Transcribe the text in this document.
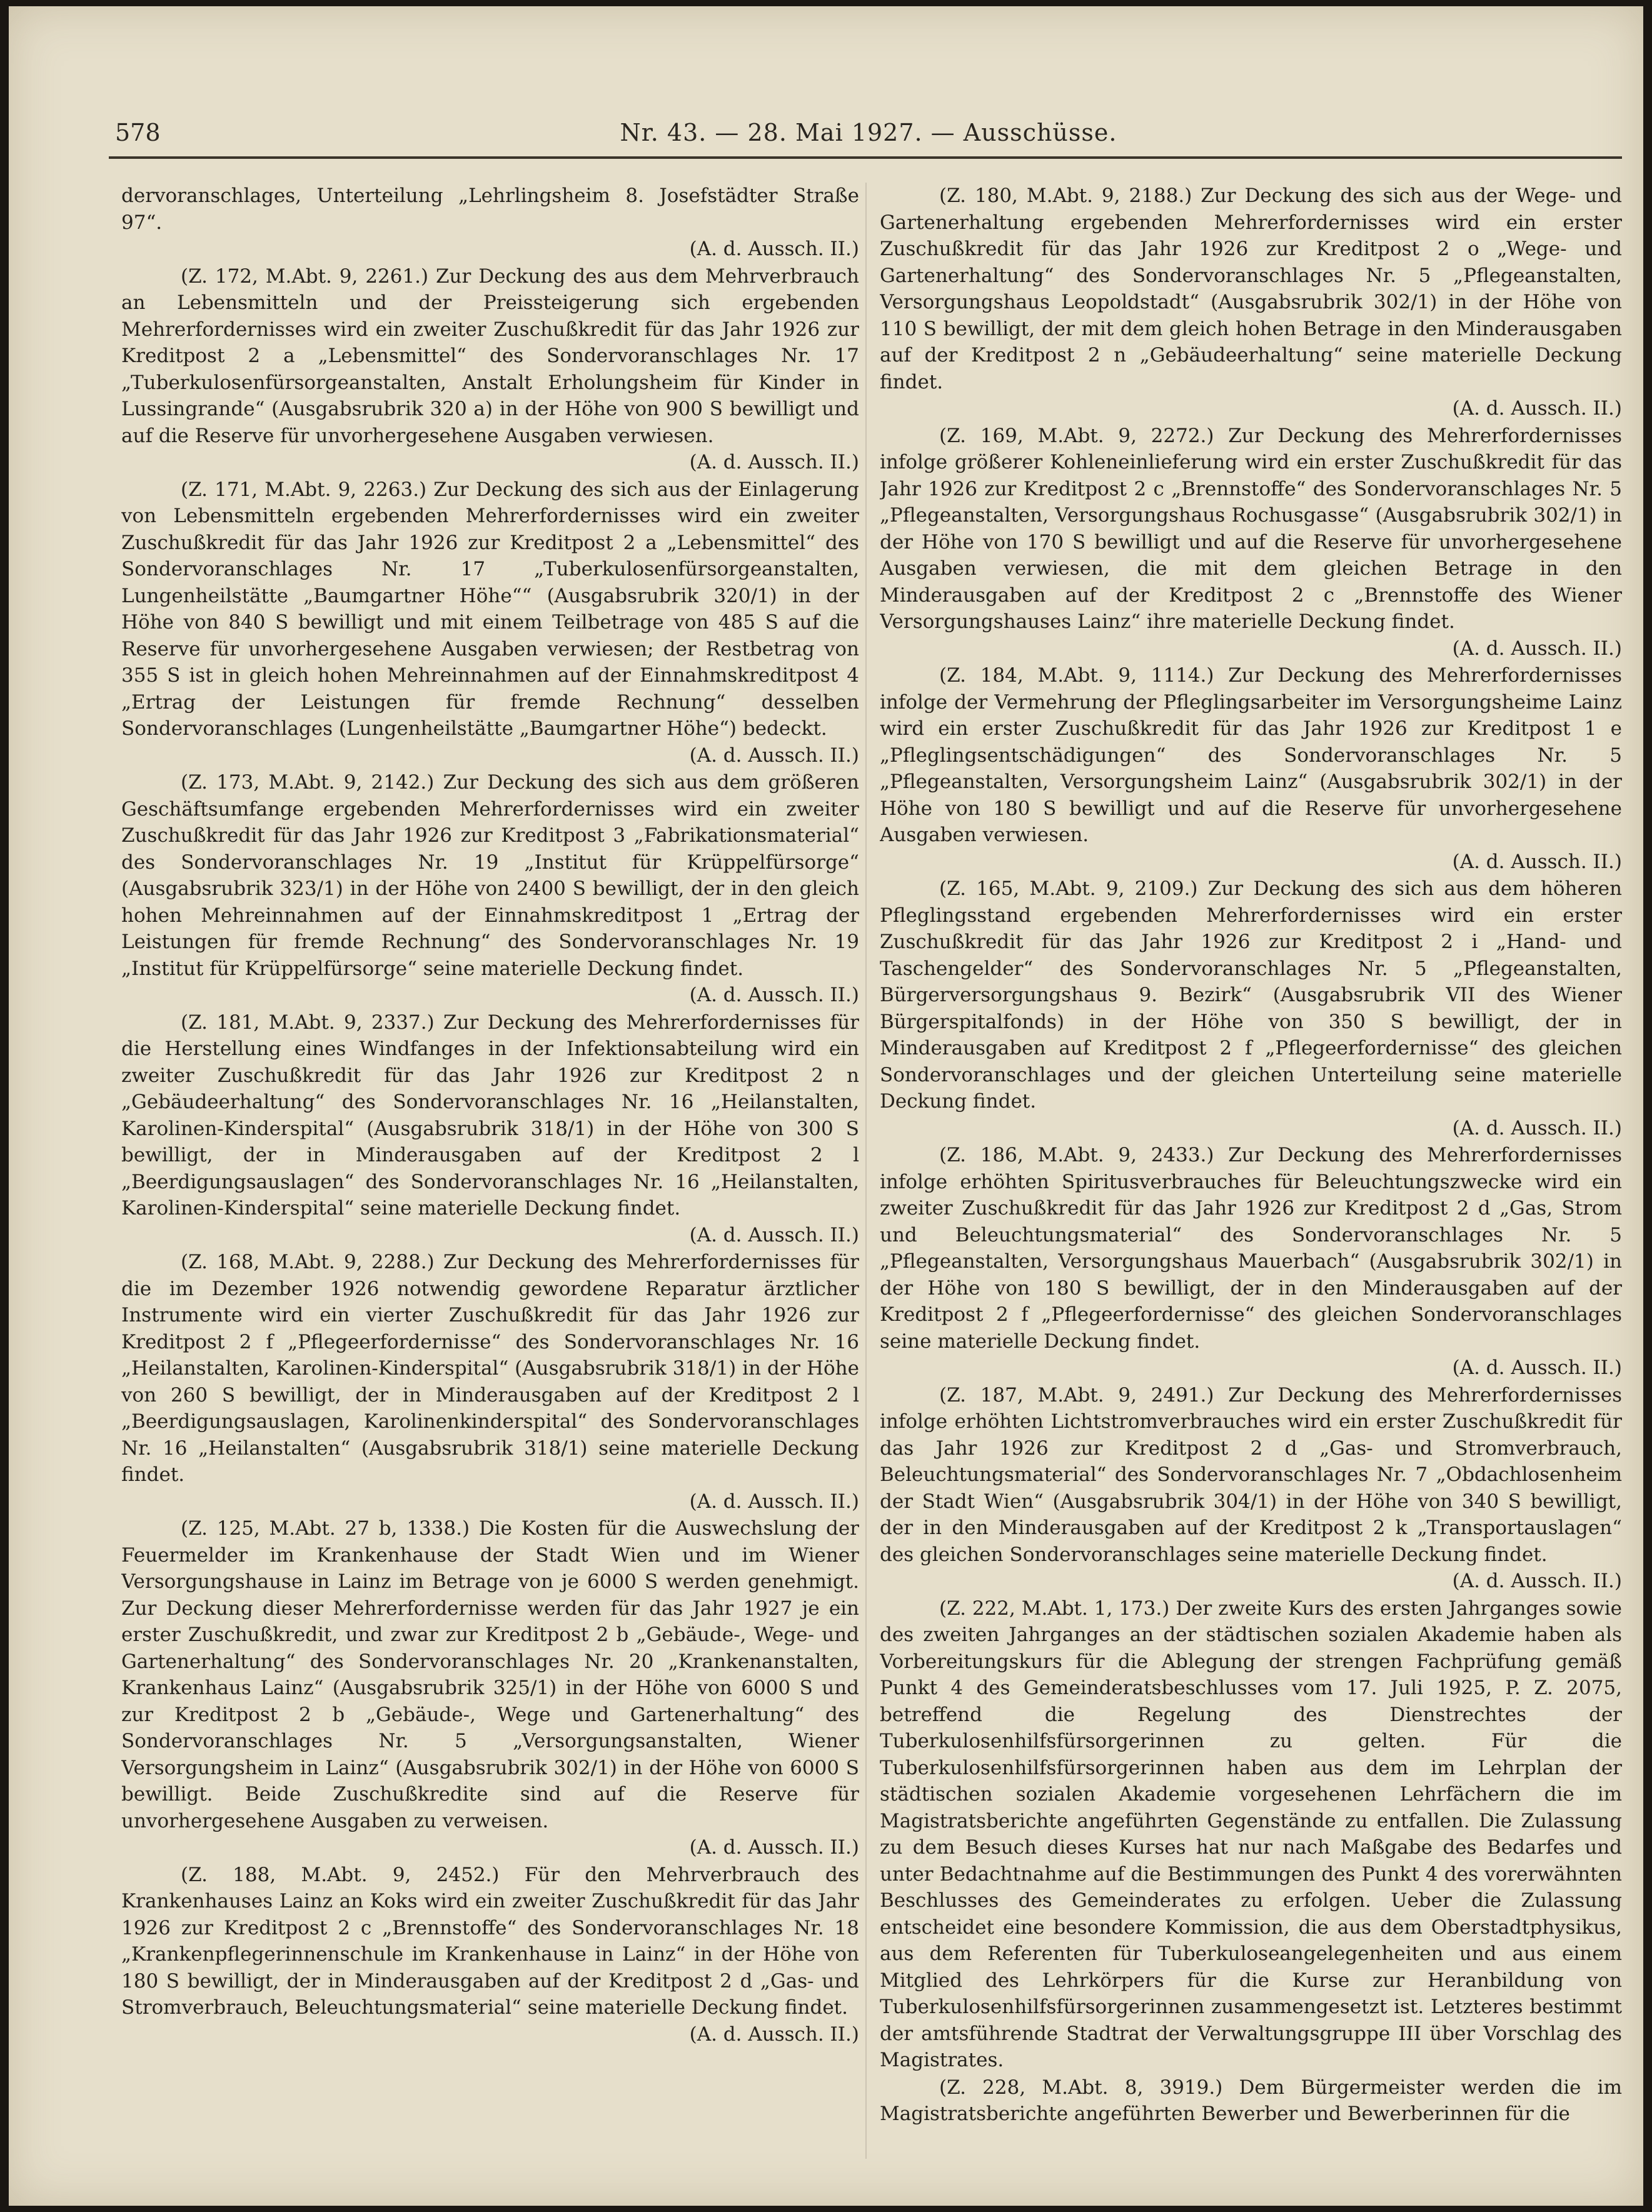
578	Nr. 43. — 28. Mai 1927. — Ausschüsse.

dervoranschlages, Unterteilung „Lehrlingsheim 8. Josefstädter Straße 97“.
(A. d. Aussch. II.)

(Z. 172, M.Abt. 9, 2261.) Zur Deckung des aus dem Mehrverbrauch an Lebensmitteln und der Preissteigerung sich ergebenden Mehrerfordernisses wird ein zweiter Zuschußkredit für das Jahr 1926 zur Kreditpost 2 a „Lebensmittel“ des Sondervoranschlages Nr. 17 „Tuberkulosenfürsorgeanstalten, Anstalt Erholungsheim für Kinder in Lussingrande“ (Ausgabsrubrik 320 a) in der Höhe von 900 S bewilligt und auf die Reserve für unvorhergesehene Ausgaben verwiesen.
(A. d. Aussch. II.)

(Z. 171, M.Abt. 9, 2263.) Zur Deckung des sich aus der Einlagerung von Lebensmitteln ergebenden Mehrerfordernisses wird ein zweiter Zuschußkredit für das Jahr 1926 zur Kreditpost 2 a „Lebensmittel“ des Sondervoranschlages Nr. 17 „Tuberkulosenfürsorgeanstalten, Lungenheilstätte „Baumgartner Höhe““ (Ausgabsrubrik 320/1) in der Höhe von 840 S bewilligt und mit einem Teilbetrage von 485 S auf die Reserve für unvorhergesehene Ausgaben verwiesen; der Restbetrag von 355 S ist in gleich hohen Mehreinnahmen auf der Einnahmskreditpost 4 „Ertrag der Leistungen für fremde Rechnung“ desselben Sondervoranschlages (Lungenheilstätte „Baumgartner Höhe“) bedeckt.
(A. d. Aussch. II.)

(Z. 173, M.Abt. 9, 2142.) Zur Deckung des sich aus dem größeren Geschäftsumfange ergebenden Mehrerfordernisses wird ein zweiter Zuschußkredit für das Jahr 1926 zur Kreditpost 3 „Fabrikationsmaterial“ des Sondervoranschlages Nr. 19 „Institut für Krüppelfürsorge“ (Ausgabsrubrik 323/1) in der Höhe von 2400 S bewilligt, der in den gleich hohen Mehreinnahmen auf der Einnahmskreditpost 1 „Ertrag der Leistungen für fremde Rechnung“ des Sondervoranschlages Nr. 19 „Institut für Krüppelfürsorge“ seine materielle Deckung findet.
(A. d. Aussch. II.)

(Z. 181, M.Abt. 9, 2337.) Zur Deckung des Mehrerfordernisses für die Herstellung eines Windfanges in der Infektionsabteilung wird ein zweiter Zuschußkredit für das Jahr 1926 zur Kreditpost 2 n „Gebäudeerhaltung“ des Sondervoranschlages Nr. 16 „Heilanstalten, Karolinen-Kinderspital“ (Ausgabsrubrik 318/1) in der Höhe von 300 S bewilligt, der in Minderausgaben auf der Kreditpost 2 l „Beerdigungsauslagen“ des Sondervoranschlages Nr. 16 „Heilanstalten, Karolinen-Kinderspital“ seine materielle Deckung findet.
(A. d. Aussch. II.)

(Z. 168, M.Abt. 9, 2288.) Zur Deckung des Mehrerfordernisses für die im Dezember 1926 notwendig gewordene Reparatur ärztlicher Instrumente wird ein vierter Zuschußkredit für das Jahr 1926 zur Kreditpost 2 f „Pflegeerfordernisse“ des Sondervoranschlages Nr. 16 „Heilanstalten, Karolinen-Kinderspital“ (Ausgabsrubrik 318/1) in der Höhe von 260 S bewilligt, der in Minderausgaben auf der Kreditpost 2 l „Beerdigungsauslagen, Karolinenkinderspital“ des Sondervoranschlages Nr. 16 „Heilanstalten“ (Ausgabsrubrik 318/1) seine materielle Deckung findet.
(A. d. Aussch. II.)

(Z. 125, M.Abt. 27 b, 1338.) Die Kosten für die Auswechslung der Feuermelder im Krankenhause der Stadt Wien und im Wiener Versorgungshause in Lainz im Betrage von je 6000 S werden genehmigt. Zur Deckung dieser Mehrerfordernisse werden für das Jahr 1927 je ein erster Zuschußkredit, und zwar zur Kreditpost 2 b „Gebäude-, Wege- und Gartenerhaltung“ des Sondervoranschlages Nr. 20 „Krankenanstalten, Krankenhaus Lainz“ (Ausgabsrubrik 325/1) in der Höhe von 6000 S und zur Kreditpost 2 b „Gebäude-, Wege und Gartenerhaltung“ des Sondervoranschlages Nr. 5 „Versorgungsanstalten, Wiener Versorgungsheim in Lainz“ (Ausgabsrubrik 302/1) in der Höhe von 6000 S bewilligt. Beide Zuschußkredite sind auf die Reserve für unvorhergesehene Ausgaben zu verweisen.
(A. d. Aussch. II.)

(Z. 188, M.Abt. 9, 2452.) Für den Mehrverbrauch des Krankenhauses Lainz an Koks wird ein zweiter Zuschußkredit für das Jahr 1926 zur Kreditpost 2 c „Brennstoffe“ des Sondervoranschlages Nr. 18 „Krankenpflegerinnenschule im Krankenhause in Lainz“ in der Höhe von 180 S bewilligt, der in Minderausgaben auf der Kreditpost 2 d „Gas- und Stromverbrauch, Beleuchtungsmaterial“ seine materielle Deckung findet.
(A. d. Aussch. II.)

(Z. 180, M.Abt. 9, 2188.) Zur Deckung des sich aus der Wege- und Gartenerhaltung ergebenden Mehrerfordernisses wird ein erster Zuschußkredit für das Jahr 1926 zur Kreditpost 2 o „Wege- und Gartenerhaltung“ des Sondervoranschlages Nr. 5 „Pflegeanstalten, Versorgungshaus Leopoldstadt“ (Ausgabsrubrik 302/1) in der Höhe von 110 S bewilligt, der mit dem gleich hohen Betrage in den Minderausgaben auf der Kreditpost 2 n „Gebäudeerhaltung“ seine materielle Deckung findet.
(A. d. Aussch. II.)

(Z. 169, M.Abt. 9, 2272.) Zur Deckung des Mehrerfordernisses infolge größerer Kohleneinlieferung wird ein erster Zuschußkredit für das Jahr 1926 zur Kreditpost 2 c „Brennstoffe“ des Sondervoranschlages Nr. 5 „Pflegeanstalten, Versorgungshaus Rochusgasse“ (Ausgabsrubrik 302/1) in der Höhe von 170 S bewilligt und auf die Reserve für unvorhergesehene Ausgaben verwiesen, die mit dem gleichen Betrage in den Minderausgaben auf der Kreditpost 2 c „Brennstoffe des Wiener Versorgungshauses Lainz“ ihre materielle Deckung findet.
(A. d. Aussch. II.)

(Z. 184, M.Abt. 9, 1114.) Zur Deckung des Mehrerfordernisses infolge der Vermehrung der Pfleglingsarbeiter im Versorgungsheime Lainz wird ein erster Zuschußkredit für das Jahr 1926 zur Kreditpost 1 e „Pfleglingsentschädigungen“ des Sondervoranschlages Nr. 5 „Pflegeanstalten, Versorgungsheim Lainz“ (Ausgabsrubrik 302/1) in der Höhe von 180 S bewilligt und auf die Reserve für unvorhergesehene Ausgaben verwiesen.
(A. d. Aussch. II.)

(Z. 165, M.Abt. 9, 2109.) Zur Deckung des sich aus dem höheren Pfleglingsstand ergebenden Mehrerfordernisses wird ein erster Zuschußkredit für das Jahr 1926 zur Kreditpost 2 i „Hand- und Taschengelder“ des Sondervoranschlages Nr. 5 „Pflegeanstalten, Bürgerversorgungshaus 9. Bezirk“ (Ausgabsrubrik VII des Wiener Bürgerspitalfonds) in der Höhe von 350 S bewilligt, der in Minderausgaben auf Kreditpost 2 f „Pflegeerfordernisse“ des gleichen Sondervoranschlages und der gleichen Unterteilung seine materielle Deckung findet.
(A. d. Aussch. II.)

(Z. 186, M.Abt. 9, 2433.) Zur Deckung des Mehrerfordernisses infolge erhöhten Spiritusverbrauches für Beleuchtungszwecke wird ein zweiter Zuschußkredit für das Jahr 1926 zur Kreditpost 2 d „Gas, Strom und Beleuchtungsmaterial“ des Sondervoranschlages Nr. 5 „Pflegeanstalten, Versorgungshaus Mauerbach“ (Ausgabsrubrik 302/1) in der Höhe von 180 S bewilligt, der in den Minderausgaben auf der Kreditpost 2 f „Pflegeerfordernisse“ des gleichen Sondervoranschlages seine materielle Deckung findet.
(A. d. Aussch. II.)

(Z. 187, M.Abt. 9, 2491.) Zur Deckung des Mehrerfordernisses infolge erhöhten Lichtstromverbrauches wird ein erster Zuschußkredit für das Jahr 1926 zur Kreditpost 2 d „Gas- und Stromverbrauch, Beleuchtungsmaterial“ des Sondervoranschlages Nr. 7 „Obdachlosenheim der Stadt Wien“ (Ausgabsrubrik 304/1) in der Höhe von 340 S bewilligt, der in den Minderausgaben auf der Kreditpost 2 k „Transportauslagen“ des gleichen Sondervoranschlages seine materielle Deckung findet.
(A. d. Aussch. II.)

(Z. 222, M.Abt. 1, 173.) Der zweite Kurs des ersten Jahrganges sowie des zweiten Jahrganges an der städtischen sozialen Akademie haben als Vorbereitungskurs für die Ablegung der strengen Fachprüfung gemäß Punkt 4 des Gemeinderatsbeschlusses vom 17. Juli 1925, P. Z. 2075, betreffend die Regelung des Dienstrechtes der Tuberkulosenhilfsfürsorgerinnen zu gelten. Für die Tuberkulosenhilfsfürsorgerinnen haben aus dem im Lehrplan der städtischen sozialen Akademie vorgesehenen Lehrfächern die im Magistratsberichte angeführten Gegenstände zu entfallen. Die Zulassung zu dem Besuch dieses Kurses hat nur nach Maßgabe des Bedarfes und unter Bedachtnahme auf die Bestimmungen des Punkt 4 des vorerwähnten Beschlusses des Gemeinderates zu erfolgen. Ueber die Zulassung entscheidet eine besondere Kommission, die aus dem Oberstadtphysikus, aus dem Referenten für Tuberkuloseangelegenheiten und aus einem Mitglied des Lehrkörpers für die Kurse zur Heranbildung von Tuberkulosenhilfsfürsorgerinnen zusammengesetzt ist. Letzteres bestimmt der amtsführende Stadtrat der Verwaltungsgruppe III über Vorschlag des Magistrates.

(Z. 228, M.Abt. 8, 3919.) Dem Bürgermeister werden die im Magistratsberichte angeführten Bewerber und Bewerberinnen für die
